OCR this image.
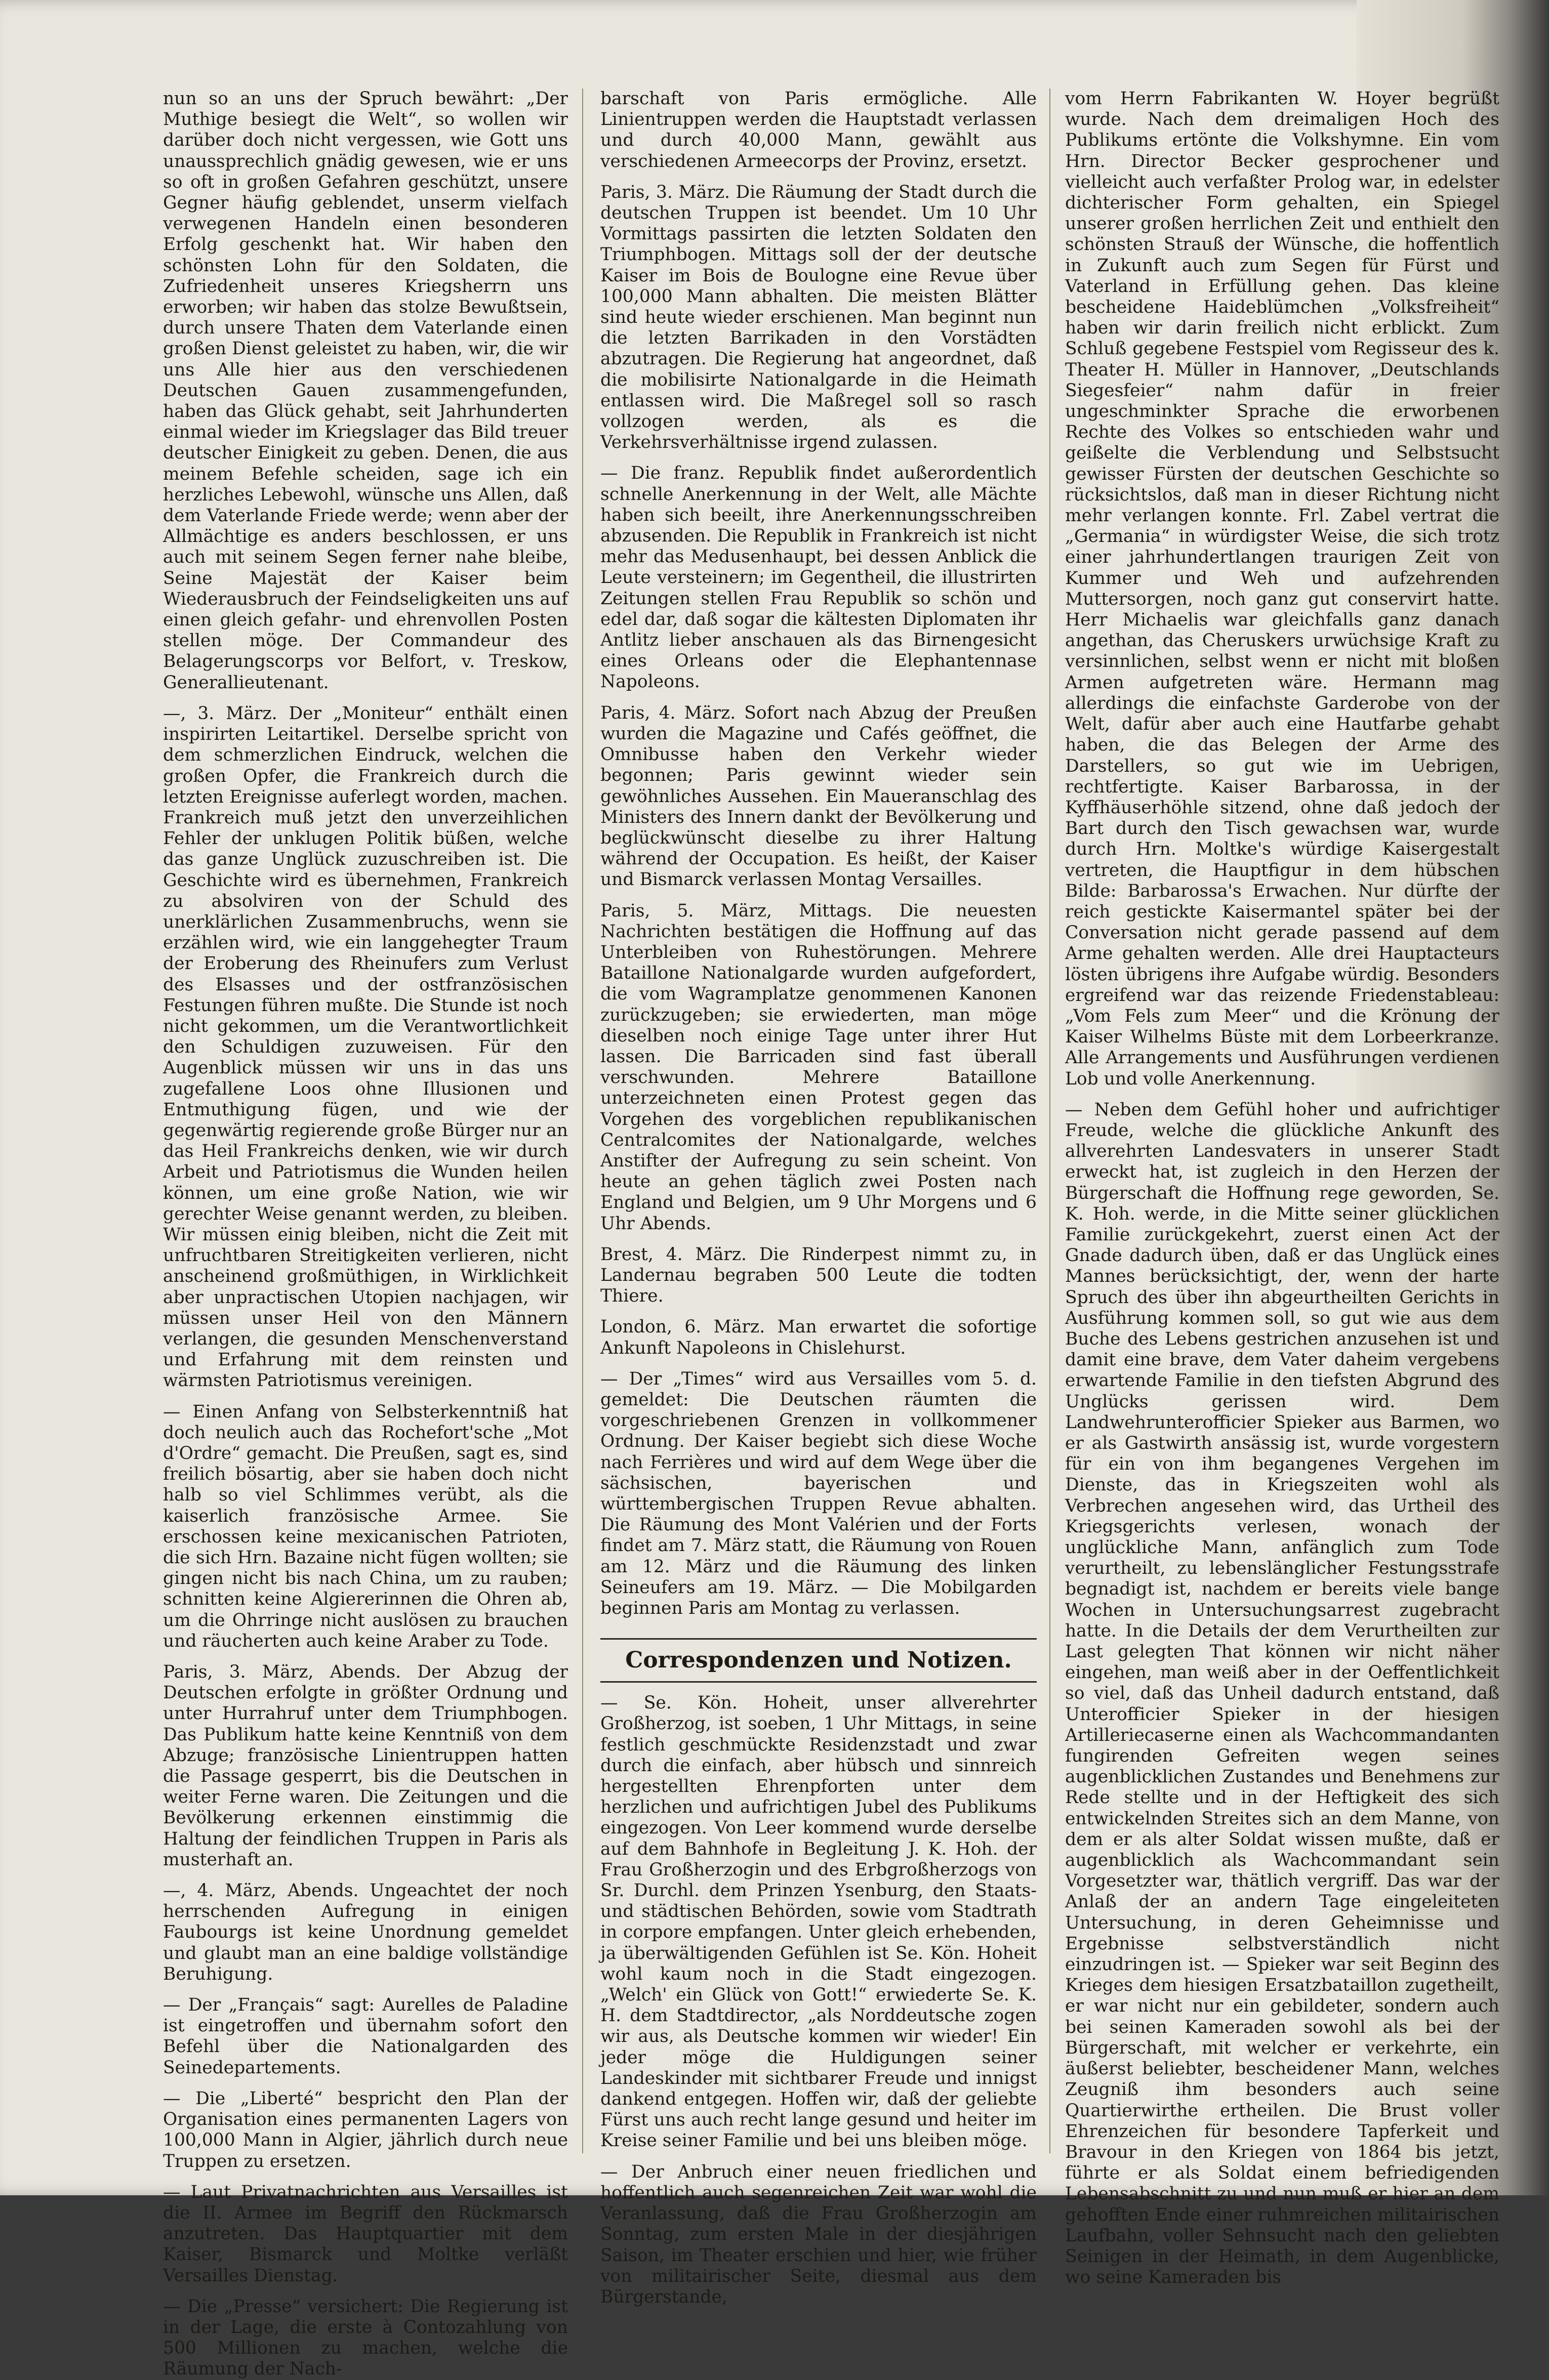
nun so an uns der Spruch bewährt: „Der Muthige besiegt die Welt“, so wollen wir darüber doch nicht vergessen, wie Gott uns unaussprechlich gnädig gewesen, wie er uns so oft in großen Gefahren geschützt, unsere Gegner häufig geblendet, unserm vielfach verwegenen Handeln einen besonderen Erfolg geschenkt hat. Wir haben den schönsten Lohn für den Soldaten, die Zufriedenheit unseres Kriegsherrn uns erworben; wir haben das stolze Bewußtsein, durch unsere Thaten dem Vaterlande einen großen Dienst geleistet zu haben, wir, die wir uns Alle hier aus den verschiedenen Deutschen Gauen zusammengefunden, haben das Glück gehabt, seit Jahrhunderten einmal wieder im Kriegslager das Bild treuer deutscher Einigkeit zu geben. Denen, die aus meinem Befehle scheiden, sage ich ein herzliches Lebewohl, wünsche uns Allen, daß dem Vaterlande Friede werde; wenn aber der Allmächtige es anders beschlossen, er uns auch mit seinem Segen ferner nahe bleibe, Seine Majestät der Kaiser beim Wiederausbruch der Feindseligkeiten uns auf einen gleich gefahr- und ehrenvollen Posten stellen möge. Der Commandeur des Belagerungscorps vor Belfort, v. Treskow, Generallieutenant.

—, 3. März. Der „Moniteur“ enthält einen inspirirten Leitartikel. Derselbe spricht von dem schmerzlichen Eindruck, welchen die großen Opfer, die Frankreich durch die letzten Ereignisse auferlegt worden, machen. Frankreich muß jetzt den unverzeihlichen Fehler der unklugen Politik büßen, welche das ganze Unglück zuzuschreiben ist. Die Geschichte wird es übernehmen, Frankreich zu absolviren von der Schuld des unerklärlichen Zusammenbruchs, wenn sie erzählen wird, wie ein langgehegter Traum der Eroberung des Rheinufers zum Verlust des Elsasses und der ostfranzösischen Festungen führen mußte. Die Stunde ist noch nicht gekommen, um die Verantwortlichkeit den Schuldigen zuzuweisen. Für den Augenblick müssen wir uns in das uns zugefallene Loos ohne Illusionen und Entmuthigung fügen, und wie der gegenwärtig regierende große Bürger nur an das Heil Frankreichs denken, wie wir durch Arbeit und Patriotismus die Wunden heilen können, um eine große Nation, wie wir gerechter Weise genannt werden, zu bleiben. Wir müssen einig bleiben, nicht die Zeit mit unfruchtbaren Streitigkeiten verlieren, nicht anscheinend großmüthigen, in Wirklichkeit aber unpractischen Utopien nachjagen, wir müssen unser Heil von den Männern verlangen, die gesunden Menschenverstand und Erfahrung mit dem reinsten und wärmsten Patriotismus vereinigen.

— Einen Anfang von Selbsterkenntniß hat doch neulich auch das Rochefort'sche „Mot d'Ordre“ gemacht. Die Preußen, sagt es, sind freilich bösartig, aber sie haben doch nicht halb so viel Schlimmes verübt, als die kaiserlich französische Armee. Sie erschossen keine mexicanischen Patrioten, die sich Hrn. Bazaine nicht fügen wollten; sie gingen nicht bis nach China, um zu rauben; schnitten keine Algiererinnen die Ohren ab, um die Ohrringe nicht auslösen zu brauchen und räucherten auch keine Araber zu Tode.

Paris, 3. März, Abends. Der Abzug der Deutschen erfolgte in größter Ordnung und unter Hurrahruf unter dem Triumphbogen. Das Publikum hatte keine Kenntniß von dem Abzuge; französische Linientruppen hatten die Passage gesperrt, bis die Deutschen in weiter Ferne waren. Die Zeitungen und die Bevölkerung erkennen einstimmig die Haltung der feindlichen Truppen in Paris als musterhaft an.

—, 4. März, Abends. Ungeachtet der noch herrschenden Aufregung in einigen Faubourgs ist keine Unordnung gemeldet und glaubt man an eine baldige vollständige Beruhigung.

— Der „Français“ sagt: Aurelles de Paladine ist eingetroffen und übernahm sofort den Befehl über die Nationalgarden des Seinedepartements.

— Die „Liberté“ bespricht den Plan der Organisation eines permanenten Lagers von 100,000 Mann in Algier, jährlich durch neue Truppen zu ersetzen.

— Laut Privatnachrichten aus Versailles ist die II. Armee im Begriff den Rückmarsch anzutreten. Das Hauptquartier mit dem Kaiser, Bismarck und Moltke verläßt Versailles Dienstag.

— Die „Presse“ versichert: Die Regierung ist in der Lage, die erste à Contozahlung von 500 Millionen zu machen, welche die Räumung der Nach-

barschaft von Paris ermögliche. Alle Linientruppen werden die Hauptstadt verlassen und durch 40,000 Mann, gewählt aus verschiedenen Armeecorps der Provinz, ersetzt.

Paris, 3. März. Die Räumung der Stadt durch die deutschen Truppen ist beendet. Um 10 Uhr Vormittags passirten die letzten Soldaten den Triumphbogen. Mittags soll der der deutsche Kaiser im Bois de Boulogne eine Revue über 100,000 Mann abhalten. Die meisten Blätter sind heute wieder erschienen. Man beginnt nun die letzten Barrikaden in den Vorstädten abzutragen. Die Regierung hat angeordnet, daß die mobilisirte Nationalgarde in die Heimath entlassen wird. Die Maßregel soll so rasch vollzogen werden, als es die Verkehrsverhältnisse irgend zulassen.

— Die franz. Republik findet außerordentlich schnelle Anerkennung in der Welt, alle Mächte haben sich beeilt, ihre Anerkennungsschreiben abzusenden. Die Republik in Frankreich ist nicht mehr das Medusenhaupt, bei dessen Anblick die Leute versteinern; im Gegentheil, die illustrirten Zeitungen stellen Frau Republik so schön und edel dar, daß sogar die kältesten Diplomaten ihr Antlitz lieber anschauen als das Birnengesicht eines Orleans oder die Elephantennase Napoleons.

Paris, 4. März. Sofort nach Abzug der Preußen wurden die Magazine und Cafés geöffnet, die Omnibusse haben den Verkehr wieder begonnen; Paris gewinnt wieder sein gewöhnliches Aussehen. Ein Maueranschlag des Ministers des Innern dankt der Bevölkerung und beglückwünscht dieselbe zu ihrer Haltung während der Occupation. Es heißt, der Kaiser und Bismarck verlassen Montag Versailles.

Paris, 5. März, Mittags. Die neuesten Nachrichten bestätigen die Hoffnung auf das Unterbleiben von Ruhestörungen. Mehrere Bataillone Nationalgarde wurden aufgefordert, die vom Wagramplatze genommenen Kanonen zurückzugeben; sie erwiederten, man möge dieselben noch einige Tage unter ihrer Hut lassen. Die Barricaden sind fast überall verschwunden. Mehrere Bataillone unterzeichneten einen Protest gegen das Vorgehen des vorgeblichen republikanischen Centralcomites der Nationalgarde, welches Anstifter der Aufregung zu sein scheint. Von heute an gehen täglich zwei Posten nach England und Belgien, um 9 Uhr Morgens und 6 Uhr Abends.

Brest, 4. März. Die Rinderpest nimmt zu, in Landernau begraben 500 Leute die todten Thiere.

London, 6. März. Man erwartet die sofortige Ankunft Napoleons in Chislehurst.

— Der „Times“ wird aus Versailles vom 5. d. gemeldet: Die Deutschen räumten die vorgeschriebenen Grenzen in vollkommener Ordnung. Der Kaiser begiebt sich diese Woche nach Ferrières und wird auf dem Wege über die sächsischen, bayerischen und württembergischen Truppen Revue abhalten. Die Räumung des Mont Valérien und der Forts findet am 7. März statt, die Räumung von Rouen am 12. März und die Räumung des linken Seineufers am 19. März. — Die Mobilgarden beginnen Paris am Montag zu verlassen.

Correspondenzen und Notizen.

— Se. Kön. Hoheit, unser allverehrter Großherzog, ist soeben, 1 Uhr Mittags, in seine festlich geschmückte Residenzstadt und zwar durch die einfach, aber hübsch und sinnreich hergestellten Ehrenpforten unter dem herzlichen und aufrichtigen Jubel des Publikums eingezogen. Von Leer kommend wurde derselbe auf dem Bahnhofe in Begleitung J. K. Hoh. der Frau Großherzogin und des Erbgroßherzogs von Sr. Durchl. dem Prinzen Ysenburg, den Staats- und städtischen Behörden, sowie vom Stadtrath in corpore empfangen. Unter gleich erhebenden, ja überwältigenden Gefühlen ist Se. Kön. Hoheit wohl kaum noch in die Stadt eingezogen. „Welch' ein Glück von Gott!“ erwiederte Se. K. H. dem Stadtdirector, „als Norddeutsche zogen wir aus, als Deutsche kommen wir wieder! Ein jeder möge die Huldigungen seiner Landeskinder mit sichtbarer Freude und innigst dankend entgegen. Hoffen wir, daß der geliebte Fürst uns auch recht lange gesund und heiter im Kreise seiner Familie und bei uns bleiben möge.

— Der Anbruch einer neuen friedlichen und hoffentlich auch segenreichen Zeit war wohl die Veranlassung, daß die Frau Großherzogin am Sonntag, zum ersten Male in der diesjährigen Saison, im Theater erschien und hier, wie früher von militairischer Seite, diesmal aus dem Bürgerstande,

vom Herrn Fabrikanten W. Hoyer begrüßt wurde. Nach dem dreimaligen Hoch des Publikums ertönte die Volkshymne. Ein vom Hrn. Director Becker gesprochener und vielleicht auch verfaßter Prolog war, in edelster dichterischer Form gehalten, ein Spiegel unserer großen herrlichen Zeit und enthielt den schönsten Strauß der Wünsche, die hoffentlich in Zukunft auch zum Segen für Fürst und Vaterland in Erfüllung gehen. Das kleine bescheidene Haideblümchen „Volksfreiheit“ haben wir darin freilich nicht erblickt. Zum Schluß gegebene Festspiel vom Regisseur des k. Theater H. Müller in Hannover, „Deutschlands Siegesfeier“ nahm dafür in freier ungeschminkter Sprache die erworbenen Rechte des Volkes so entschieden wahr und geißelte die Verblendung und Selbstsucht gewisser Fürsten der deutschen Geschichte so rücksichtslos, daß man in dieser Richtung nicht mehr verlangen konnte. Frl. Zabel vertrat die „Germania“ in würdigster Weise, die sich trotz einer jahrhundertlangen traurigen Zeit von Kummer und Weh und aufzehrenden Muttersorgen, noch ganz gut conservirt hatte. Herr Michaelis war gleichfalls ganz danach angethan, das Cheruskers urwüchsige Kraft zu versinnlichen, selbst wenn er nicht mit bloßen Armen aufgetreten wäre. Hermann mag allerdings die einfachste Garderobe von der Welt, dafür aber auch eine Hautfarbe gehabt haben, die das Belegen der Arme des Darstellers, so gut wie im Uebrigen, rechtfertigte. Kaiser Barbarossa, in der Kyffhäuserhöhle sitzend, ohne daß jedoch der Bart durch den Tisch gewachsen war, wurde durch Hrn. Moltke's würdige Kaisergestalt vertreten, die Hauptfigur in dem hübschen Bilde: Barbarossa's Erwachen. Nur dürfte der reich gestickte Kaisermantel später bei der Conversation nicht gerade passend auf dem Arme gehalten werden. Alle drei Hauptacteurs lösten übrigens ihre Aufgabe würdig. Besonders ergreifend war das reizende Friedenstableau: „Vom Fels zum Meer“ und die Krönung der Kaiser Wilhelms Büste mit dem Lorbeerkranze. Alle Arrangements und Ausführungen verdienen Lob und volle Anerkennung.

— Neben dem Gefühl hoher und aufrichtiger Freude, welche die glückliche Ankunft des allverehrten Landesvaters in unserer Stadt erweckt hat, ist zugleich in den Herzen der Bürgerschaft die Hoffnung rege geworden, Se. K. Hoh. werde, in die Mitte seiner glücklichen Familie zurückgekehrt, zuerst einen Act der Gnade dadurch üben, daß er das Unglück eines Mannes berücksichtigt, der, wenn der harte Spruch des über ihn abgeurtheilten Gerichts in Ausführung kommen soll, so gut wie aus dem Buche des Lebens gestrichen anzusehen ist und damit eine brave, dem Vater daheim vergebens erwartende Familie in den tiefsten Abgrund des Unglücks gerissen wird. Dem Landwehrunterofficier Spieker aus Barmen, wo er als Gastwirth ansässig ist, wurde vorgestern für ein von ihm begangenes Vergehen im Dienste, das in Kriegszeiten wohl als Verbrechen angesehen wird, das Urtheil des Kriegsgerichts verlesen, wonach der unglückliche Mann, anfänglich zum Tode verurtheilt, zu lebenslänglicher Festungsstrafe begnadigt ist, nachdem er bereits viele bange Wochen in Untersuchungsarrest zugebracht hatte. In die Details der dem Verurtheilten zur Last gelegten That können wir nicht näher eingehen, man weiß aber in der Oeffentlichkeit so viel, daß das Unheil dadurch entstand, daß Unterofficier Spieker in der hiesigen Artilleriecaserne einen als Wachcommandanten fungirenden Gefreiten wegen seines augenblicklichen Zustandes und Benehmens zur Rede stellte und in der Heftigkeit des sich entwickelnden Streites sich an dem Manne, von dem er als alter Soldat wissen mußte, daß er augenblicklich als Wachcommandant sein Vorgesetzter war, thätlich vergriff. Das war der Anlaß der an andern Tage eingeleiteten Untersuchung, in deren Geheimnisse und Ergebnisse selbstverständlich nicht einzudringen ist. — Spieker war seit Beginn des Krieges dem hiesigen Ersatzbataillon zugetheilt, er war nicht nur ein gebildeter, sondern auch bei seinen Kameraden sowohl als bei der Bürgerschaft, mit welcher er verkehrte, ein äußerst beliebter, bescheidener Mann, welches Zeugniß ihm besonders auch seine Quartierwirthe ertheilen. Die Brust voller Ehrenzeichen für besondere Tapferkeit und Bravour in den Kriegen von 1864 bis jetzt, führte er als Soldat einem befriedigenden Lebensabschnitt zu und nun muß er hier an dem gehofften Ende einer ruhmreichen militairischen Laufbahn, voller Sehnsucht nach den geliebten Seinigen in der Heimath, in dem Augenblicke, wo seine Kameraden bis
